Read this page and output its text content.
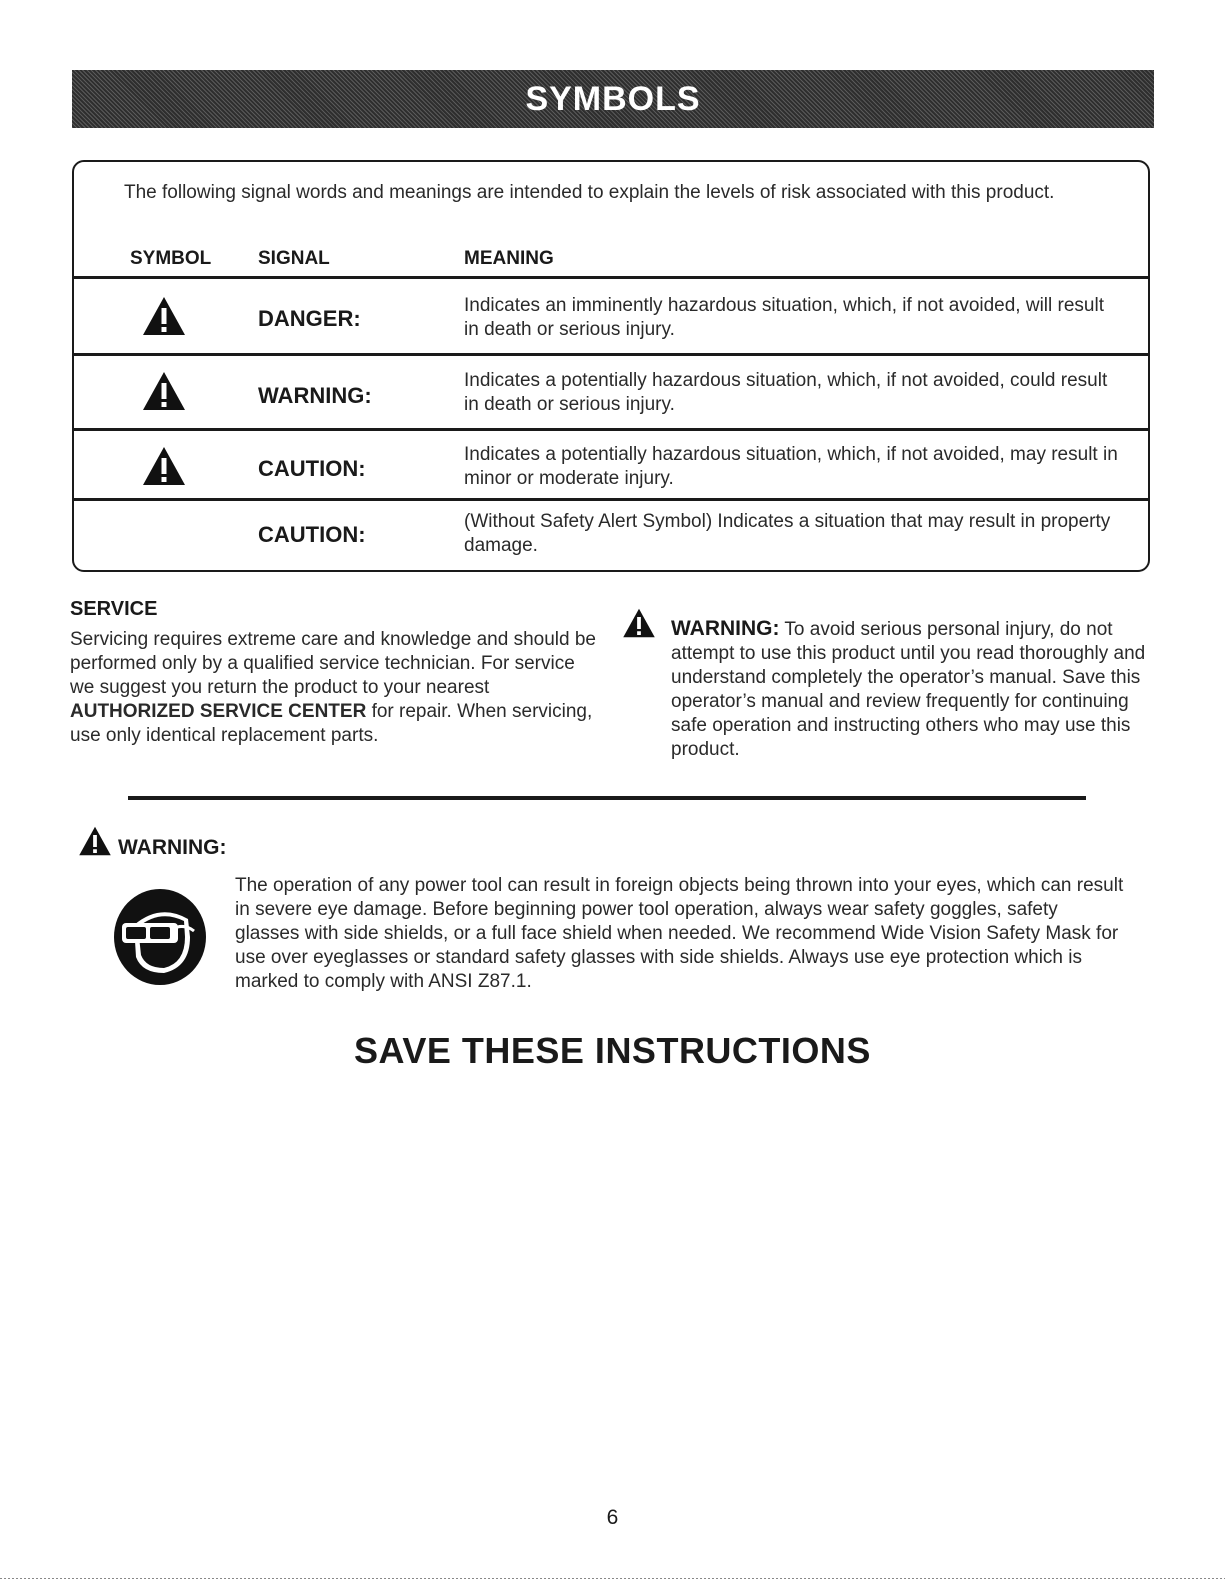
SYMBOLS
The following signal words and meanings are intended to explain the levels of risk associated with this product.
SYMBOL SIGNAL	MEANING
DANGER:
Indicates an imminently hazardous situation, which, if not avoided, will result in death or serious injury.
WARNING:
Indicates a potentially hazardous situation, which, if not avoided, could result in death or serious injury.
CAUTION:
Indicates a potentially hazardous situation, which, if not avoided, may result in minor or moderate injury.
CAUTION:
(Without Safety Alert Symbol) Indicates a situation that may result in property damage.
SERVICE
Servicing requires extreme care and knowledge and should be performed only by a qualified service technician. For service we suggest you return the product to your nearest AUTHORIZED SERVICE CENTER for repair. When servicing, use only identical replacement parts.
WARNING: To avoid serious personal injury, do not attempt to use this product until you read thoroughly and understand completely the operator’s manual. Save this operator’s manual and review frequently for continuing safe operation and instructing others who may use this product.
WARNING:
The operation of any power tool can result in foreign objects being thrown into your eyes, which can result in severe eye damage. Before beginning power tool operation, always wear safety goggles, safety glasses with side shields, or a full face shield when needed. We recommend Wide Vision Safety Mask for use over eyeglasses or standard safety glasses with side shields. Always use eye protection which is marked to comply with ANSI Z87.1.
SAVE THESE INSTRUCTIONS
6
